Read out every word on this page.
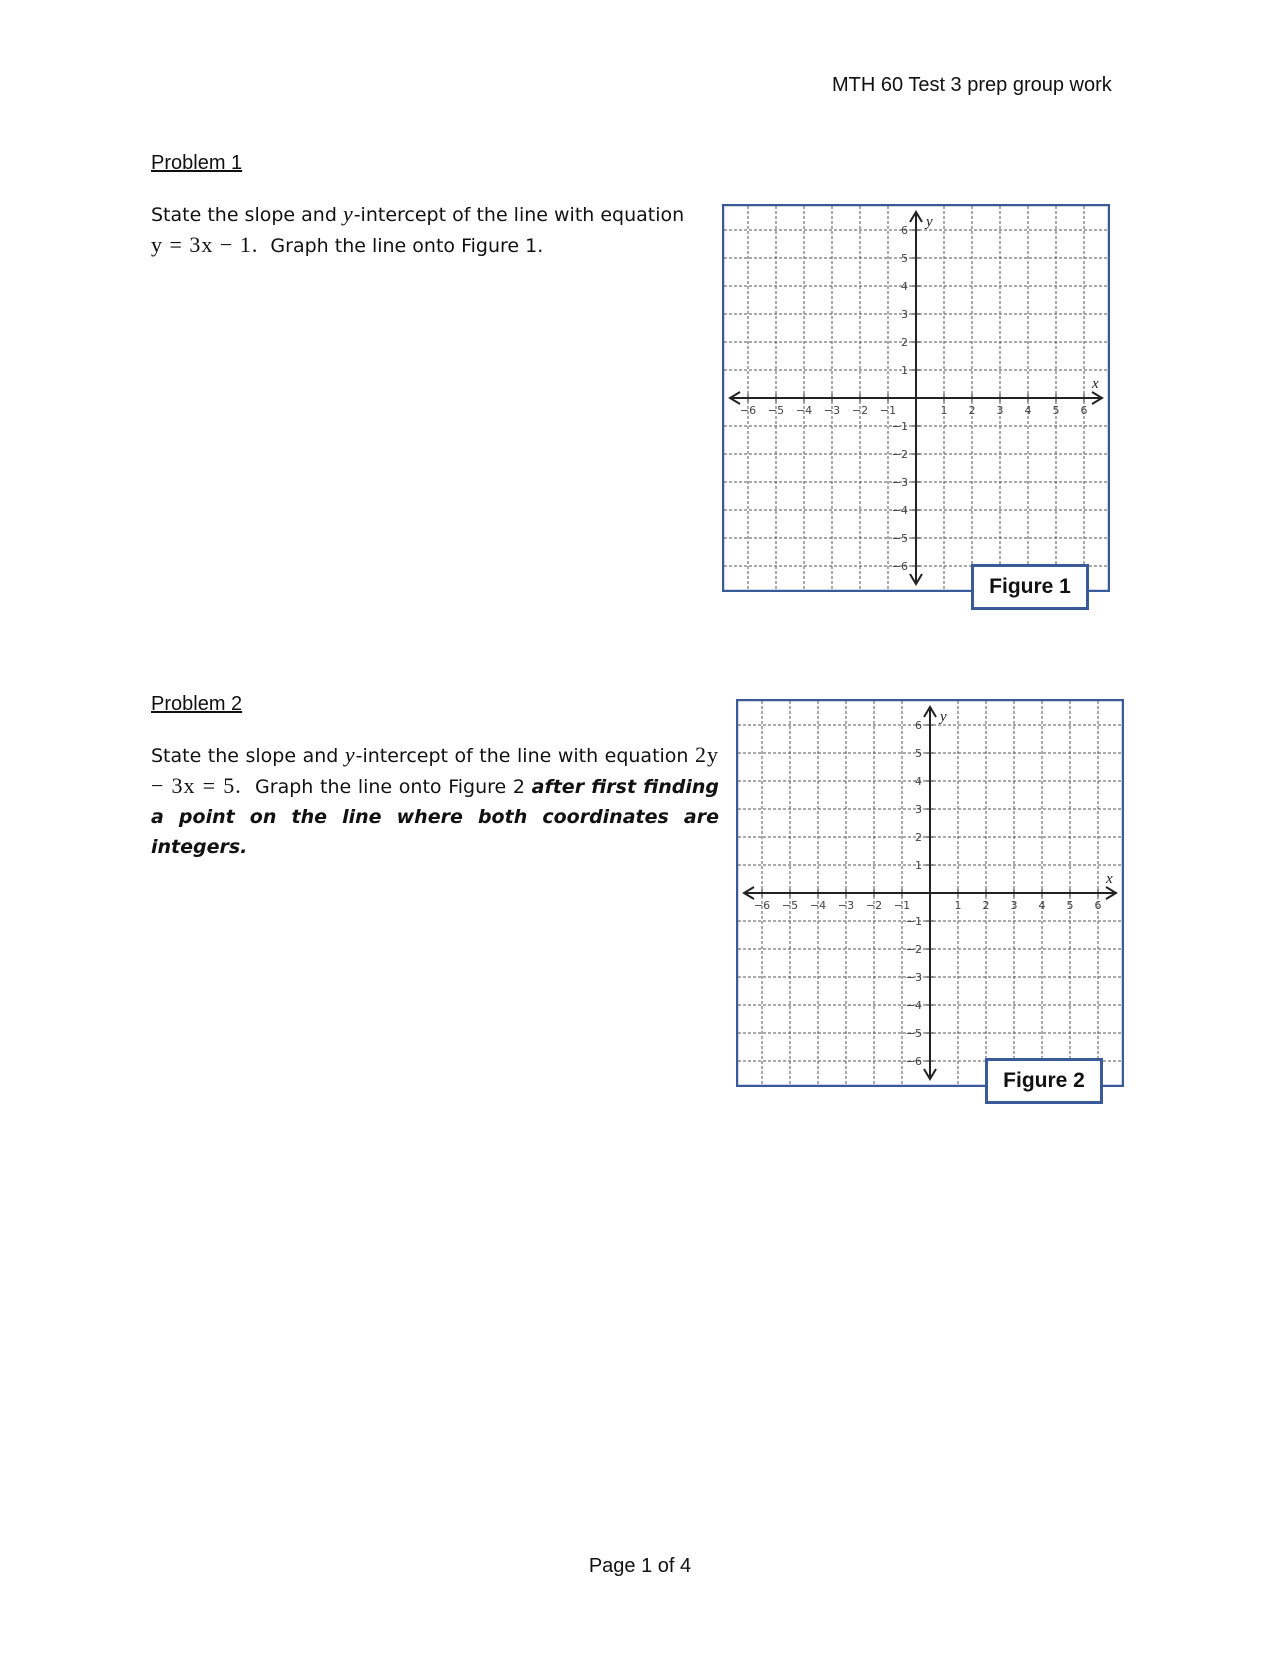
MTH 60 Test 3 prep group work
Problem 1
State the slope and y-intercept of the line with equation
y = 3x − 1. Graph the line onto Figure 1.
−6 −5 −4 −3 −2 −1	1 2 3 4 5 6
6
5
4
3
2
1
−1
−2
−3
−4
−5
−6
x
y
Figure 1
Problem 2
State the slope and y-intercept of the line with equation 2y − 3x = 5. Graph the line onto Figure 2 after first finding a point on the line where both coordinates are integers.
−6 −5 −4 −3 −2 −1	1 2 3 4 5 6
6
5
4
3
2
1
−1
−2
−3
−4
−5
−6
x
y
Figure 2
Page 1 of 4
